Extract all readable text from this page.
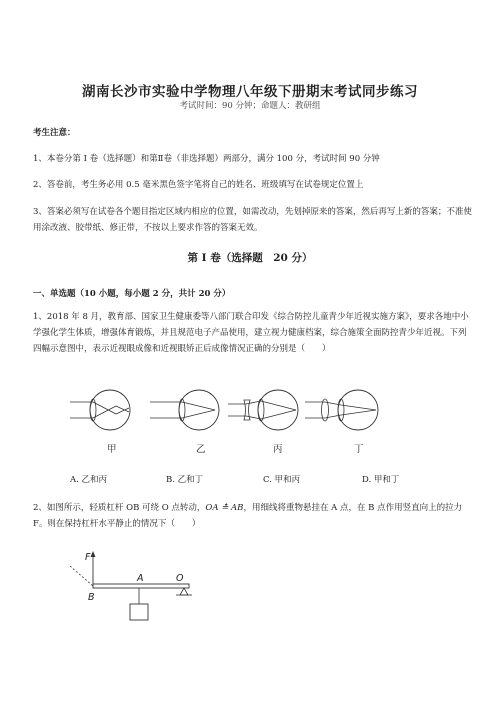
湖南长沙市实验中学物理八年级下册期末考试同步练习
考试时间：90 分钟；命题人：教研组
考生注意：
1、本卷分第 I 卷（选择题）和第Ⅱ卷（非选择题）两部分，满分 100 分，考试时间 90 分钟
2、答卷前，考生务必用 0.5 毫米黑色签字笔将自己的姓名、班级填写在试卷规定位置上
3、答案必须写在试卷各个题目指定区域内相应的位置，如需改动，先划掉原来的答案，然后再写上新的答案；不准使用涂改液、胶带纸、修正带，不按以上要求作答的答案无效。
第 I 卷（选择题　20 分）
一、单选题（10 小题，每小题 2 分，共计 20 分）
1、2018 年 8 月，教育部、国家卫生健康委等八部门联合印发《综合防控儿童青少年近视实施方案》，要求各地中小学强化学生体质，增强体育锻炼，并且规范电子产品使用，建立视力健康档案，综合施策全面防控青少年近视。下列四幅示意图中，表示近视眼成像和近视眼矫正后成像情况正确的分别是（　　）
甲	乙	丙	丁
A. 乙和丙	B. 乙和丁	C. 甲和丙	D. 甲和丁
2、如图所示，轻质杠杆 OB 可绕 O 点转动，OA ≛ AB，用细线将重物悬挂在 A 点，在 B 点作用竖直向上的拉力 F。则在保持杠杆水平静止的情况下（　　）
F
B
A	O
